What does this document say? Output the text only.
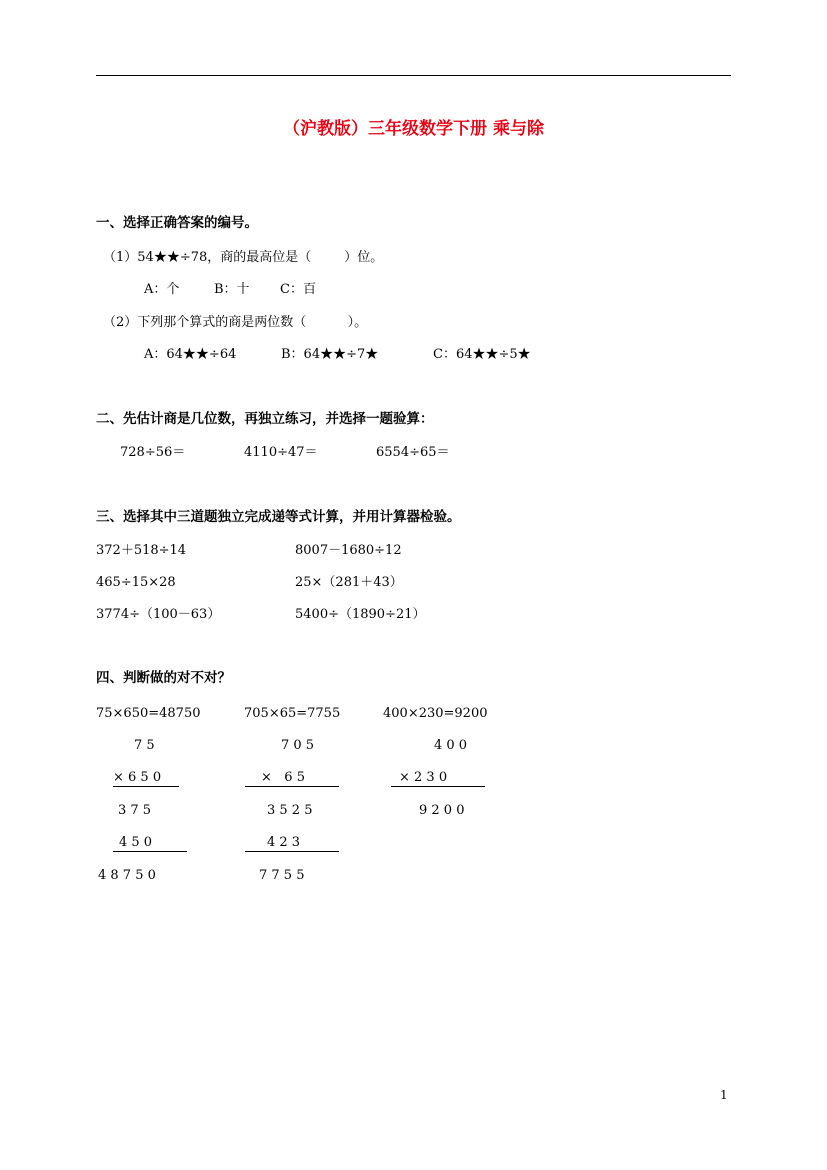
（沪教版）三年级数学下册 乘与除
一、选择正确答案的编号。
（1）54★★÷78，商的最高位是（        ）位。
A：个	B：十 C：百
（2）下列那个算式的商是两位数（          ）。
A：64★★÷64	B：64★★÷7★	C：64★★÷5★
二、先估计商是几位数，再独立练习，并选择一题验算：
728÷56＝	4110÷47＝	6554÷65＝
三、选择其中三道题独立完成递等式计算，并用计算器检验。
372＋518÷14	8007－1680÷12
465÷15×28	25×（281＋43）
3774÷（100－63）	5400÷（1890÷21）
四、判断做的对不对？
75×650=48750	705×65=7755	400×230=9200
7 5
× 6 5 0
3 7 5
4 5 0
4 8 7 5 0
7 0 5
×   6 5
3 5 2 5
4 2 3
7 7 5 5
4 0 0
× 2 3 0
9 2 0 0
1
